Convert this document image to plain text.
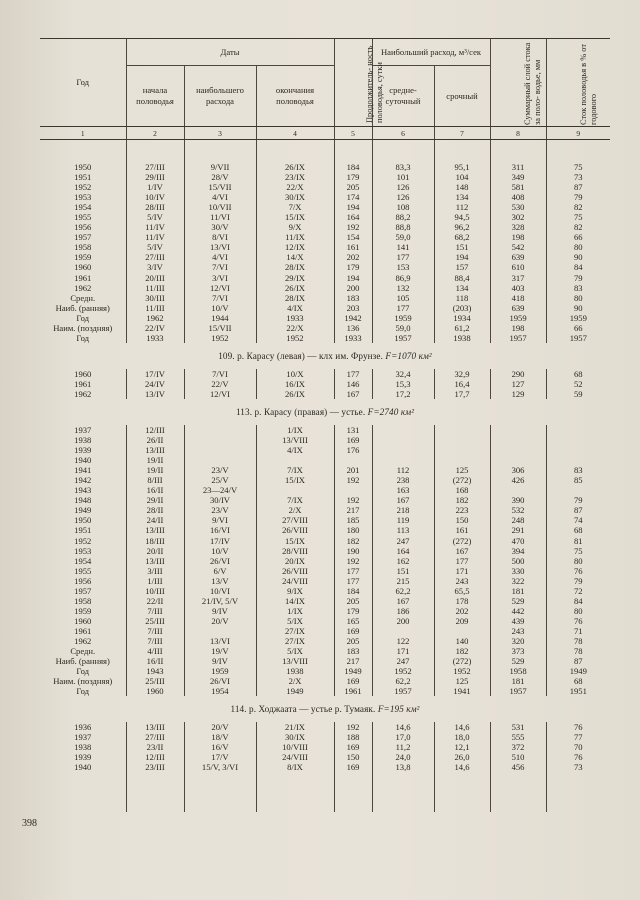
Год	Даты			Продолжитель- ность половодья, сутки	Наибольший расход, м³/сек		Суммарный слой стока за поло- водье, мм	Сток половодья в % от годового
	начала половодья	наибольшего расхода	окончания половодья		средне- суточный	срочный		
1	2	3	4	5	6	7	8	9

1950	27/III	9/VII	26/IX	184	83,3	95,1	311	75
1951	29/III	28/V	23/IX	179	101	104	349	73
1952	1/IV	15/VII	22/X	205	126	148	581	87
1953	10/IV	4/VI	30/IX	174	126	134	408	79
1954	28/III	10/VII	7/X	194	108	112	530	82
1955	5/IV	11/VI	15/IX	164	88,2	94,5	302	75
1956	11/IV	30/V	9/X	192	88,8	96,2	328	82
1957	11/IV	8/VI	11/IX	154	59,0	68,2	198	66
1958	5/IV	13/VI	12/IX	161	141	151	542	80
1959	27/III	4/VI	14/X	202	177	194	639	90
1960	3/IV	7/VI	28/IX	179	153	157	610	84
1961	20/III	3/VI	29/IX	194	86,9	88,4	317	79
1962	11/III	12/VI	26/IX	200	132	134	403	83
Средн.	30/III	7/VI	28/IX	183	105	118	418	80
Наиб. (ранняя)	11/III	10/V	4/IX	203	177	(203)	639	90
Год	1962	1944	1933	1942	1959	1934	1959	1959
Наим. (поздняя)	22/IV	15/VII	22/X	136	59,0	61,2	198	66
Год	1933	1952	1952	1933	1957	1938	1957	1957
109. р. Карасу (левая) — клх им. Фрунзе. F=1070 км²								
1960	17/IV	7/VI	10/X	177	32,4	32,9	290	68
1961	24/IV	22/V	16/IX	146	15,3	16,4	127	52
1962	13/IV	12/VI	26/IX	167	17,2	17,7	129	59
113. р. Карасу (правая) — устье. F=2740 км²								
1937	12/III		1/IX	131				
1938	26/II		13/VIII	169				
1939	13/III		4/IX	176				
1940	19/II							
1941	19/II	23/V	7/IX	201	112	125	306	83
1942	8/III	25/V	15/IX	192	238	(272)	426	85
1943	16/II	23—24/V			163	168		
1948	29/II	30/IV	7/IX	192	167	182	390	79
1949	28/II	23/V	2/X	217	218	223	532	87
1950	24/II	9/VI	27/VIII	185	119	150	248	74
1951	13/III	16/VI	26/VIII	180	113	161	291	68
1952	18/III	17/IV	15/IX	182	247	(272)	470	81
1953	20/II	10/V	28/VIII	190	164	167	394	75
1954	13/III	26/VI	20/IX	192	162	177	500	80
1955	3/III	6/V	26/VIII	177	151	171	330	76
1956	1/III	13/V	24/VIII	177	215	243	322	79
1957	10/III	10/VI	9/IX	184	62,2	65,5	181	72
1958	22/II	21/IV, 5/V	14/IX	205	167	178	529	84
1959	7/III	9/IV	1/IX	179	186	202	442	80
1960	25/III	20/V	5/IX	165	200	209	439	76
1961	7/III		27/IX	169			243	71
1962	7/III	13/VI	27/IX	205	122	140	320	78
Средн.	4/III	19/V	5/IX	183	171	182	373	78
Наиб. (ранняя)	16/II	9/IV	13/VIII	217	247	(272)	529	87
Год	1943	1959	1938	1949	1952	1952	1958	1949
Наим. (поздняя)	25/III	26/VI	2/X	169	62,2	125	181	68
Год	1960	1954	1949	1961	1957	1941	1957	1951
114. р. Ходжаата — устье р. Тумаяк. F=195 км²								
1936	13/III	20/V	21/IX	192	14,6	14,6	531	76
1937	27/III	18/V	30/IX	188	17,0	18,0	555	77
1938	23/II	16/V	10/VIII	169	11,2	12,1	372	70
1939	12/III	17/V	24/VIII	150	24,0	26,0	510	76
1940	23/III	15/V, 3/VI	8/IX	169	13,8	14,6	456	73

398
